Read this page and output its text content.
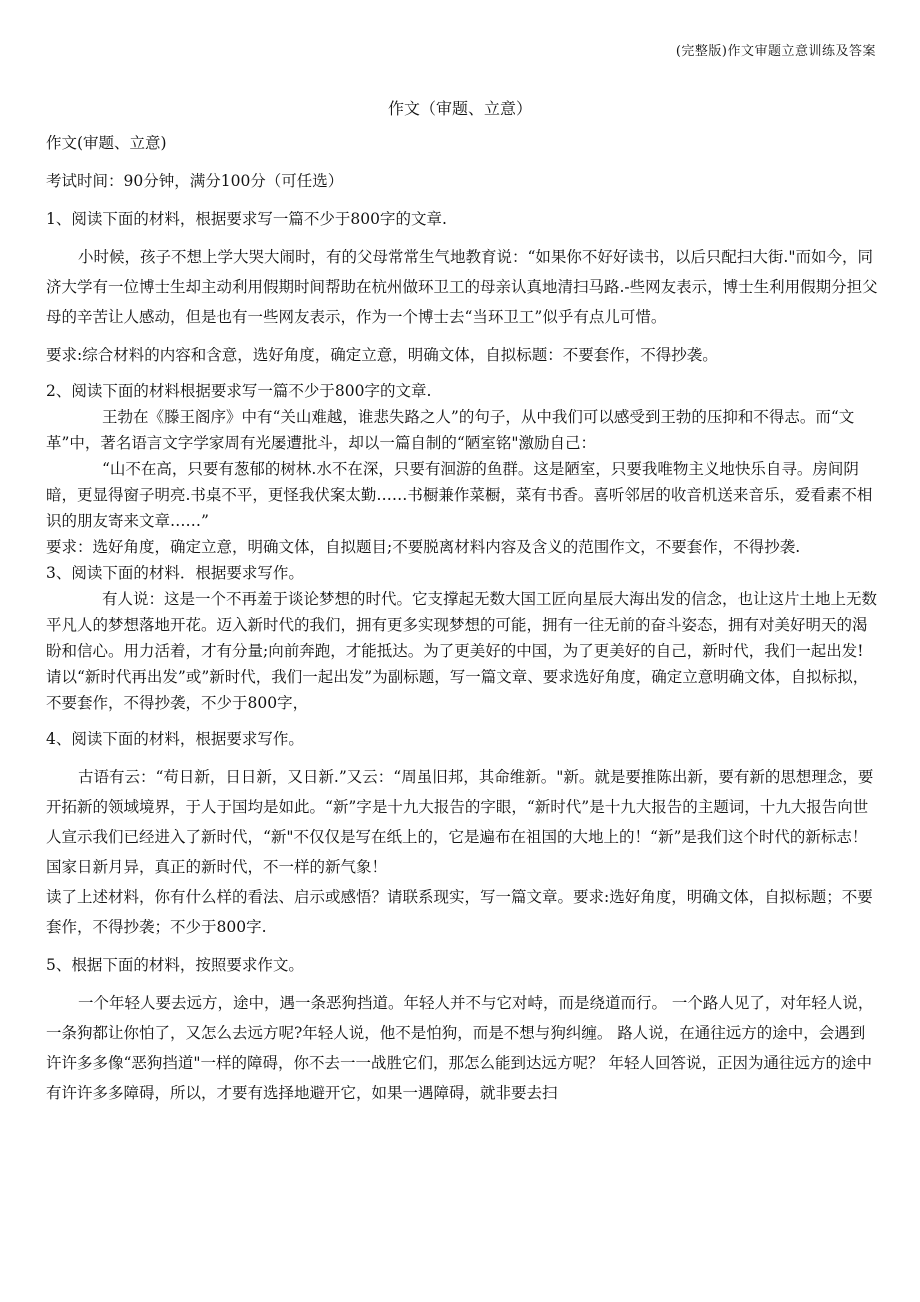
(完整版)作文审题立意训练及答案
作文（审题、立意）

作文(审题、立意)

考试时间：90分钟，满分100分（可任选）

1、阅读下面的材料，根据要求写一篇不少于800字的文章.

小时候，孩子不想上学大哭大闹时，有的父母常常生气地教育说：“如果你不好好读书，以后只配扫大街."而如今，同济大学有一位博士生却主动利用假期时间帮助在杭州做环卫工的母亲认真地清扫马路.-些网友表示，博士生利用假期分担父母的辛苦让人感动，但是也有一些网友表示，作为一个博士去“当环卫工”似乎有点儿可惜。

要求:综合材料的内容和含意，选好角度，确定立意，明确文体，自拟标题：不要套作，不得抄袭。

2、阅读下面的材料根据要求写一篇不少于800字的文章.

王勃在《滕王阁序》中有“关山难越，谁悲失路之人”的句子，从中我们可以感受到王勃的压抑和不得志。而“文革”中，著名语言文字学家周有光屡遭批斗，却以一篇自制的“陋室铭"激励自己：

“山不在高，只要有葱郁的树林.水不在深，只要有洄游的鱼群。这是陋室，只要我唯物主义地快乐自寻。房间阴暗，更显得窗子明亮.书桌不平，更怪我伏案太勤……书橱兼作菜橱，菜有书香。喜听邻居的收音机送来音乐，爱看素不相识的朋友寄来文章……”

要求：选好角度，确定立意，明确文体，自拟题目;不要脱离材料内容及含义的范围作文，不要套作，不得抄袭.

3、阅读下面的材料．根据要求写作。

有人说：这是一个不再羞于谈论梦想的时代。它支撑起无数大国工匠向星辰大海出发的信念，也让这片土地上无数平凡人的梦想落地开花。迈入新时代的我们，拥有更多实现梦想的可能，拥有一往无前的奋斗姿态，拥有对美好明天的渴盼和信心。用力活着，才有分量;向前奔跑，才能抵达。为了更美好的中国，为了更美好的自己，新时代，我们一起出发!

请以“新时代再出发”或”新时代，我们一起出发”为副标题，写一篇文章、要求选好角度，确定立意明确文体，自拟标拟，不要套作，不得抄袭，不少于800字，

4、阅读下面的材料，根据要求写作。

古语有云：“苟日新，日日新，又日新.”又云：“周虽旧邦，其命维新。"新。就是要推陈出新，要有新的思想理念，要开拓新的领域境界，于人于国均是如此。“新”字是十九大报告的字眼，“新时代”是十九大报告的主题词，十九大报告向世人宣示我们已经进入了新时代，“新"不仅仅是写在纸上的，它是遍布在祖国的大地上的！“新”是我们这个时代的新标志！国家日新月异，真正的新时代，不一样的新气象！

读了上述材料，你有什么样的看法、启示或感悟？请联系现实，写一篇文章。要求:选好角度，明确文体，自拟标题；不要套作，不得抄袭；不少于800字.

5、根据下面的材料，按照要求作文。

一个年轻人要去远方，途中，遇一条恶狗挡道。年轻人并不与它对峙，而是绕道而行。 一个路人见了，对年轻人说，一条狗都让你怕了，又怎么去远方呢?年轻人说，他不是怕狗，而是不想与狗纠缠。 路人说，在通往远方的途中，会遇到许许多多像“恶狗挡道"一样的障碍，你不去一一战胜它们，那怎么能到达远方呢？ 年轻人回答说，正因为通往远方的途中有许许多多障碍，所以，才要有选择地避开它，如果一遇障碍，就非要去扫
